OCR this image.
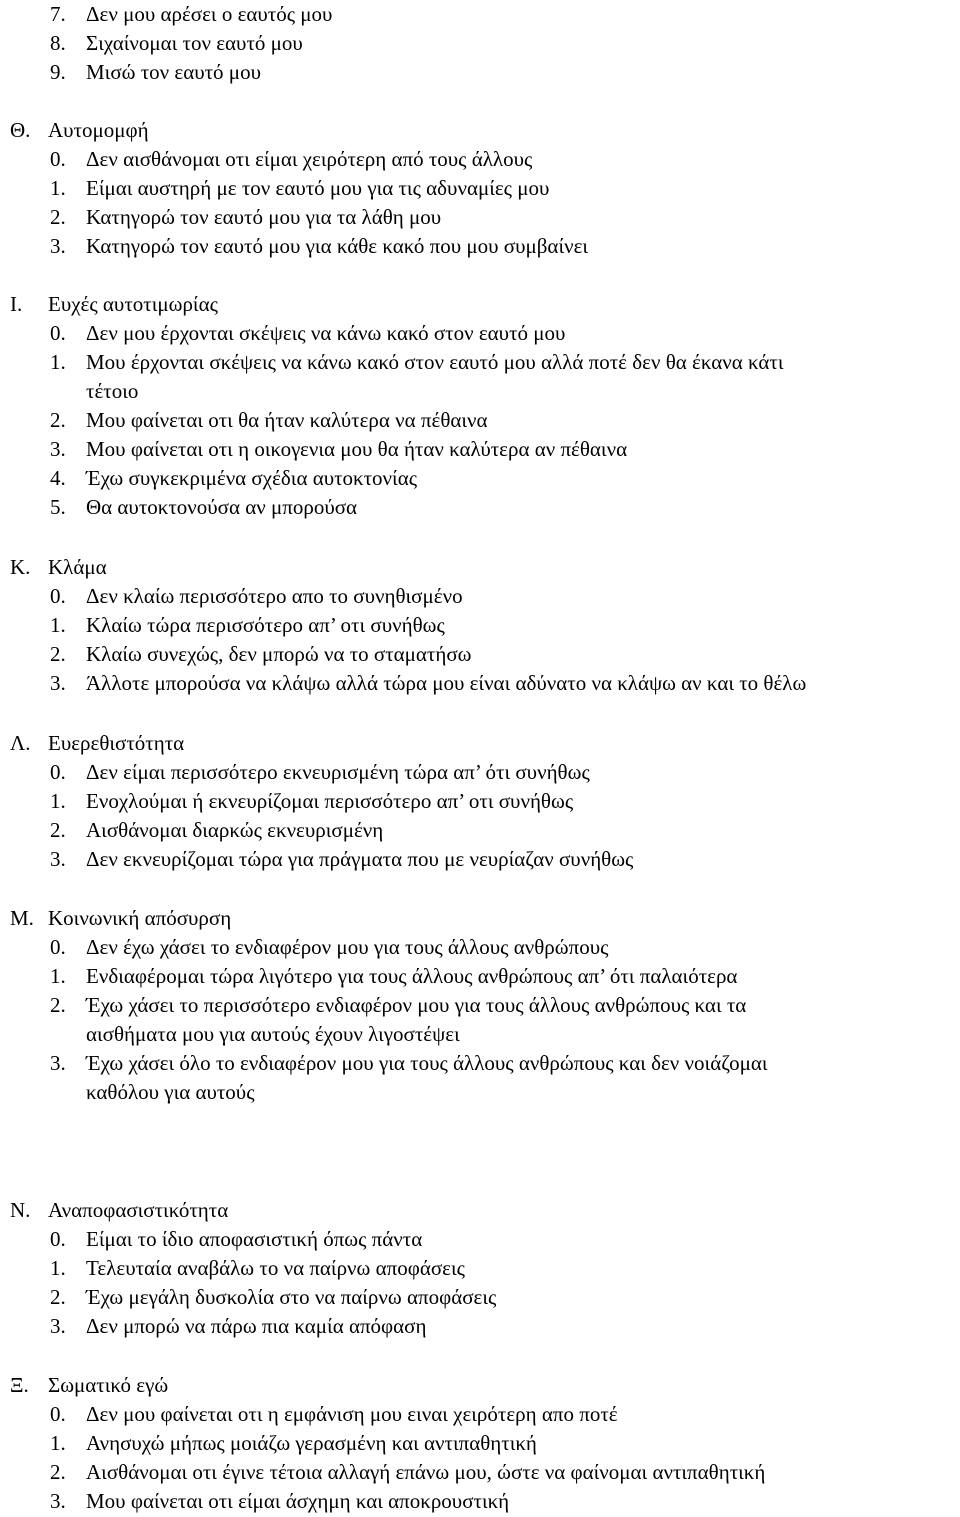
7. Δεν μου αρέσει ο εαυτός μου
8. Σιχαίνομαι τον εαυτό μου
9. Μισώ τον εαυτό μου
Θ. Αυτομομφή
0. Δεν αισθάνομαι οτι είμαι χειρότερη από τους άλλους
1. Είμαι αυστηρή με τον εαυτό μου για τις αδυναμίες μου
2. Κατηγορώ τον εαυτό μου για τα λάθη μου
3. Κατηγορώ τον εαυτό μου για κάθε κακό που μου συμβαίνει
Ι. Ευχές αυτοτιμωρίας
0. Δεν μου έρχονται σκέψεις να κάνω κακό στον εαυτό μου
1. Μου έρχονται σκέψεις να κάνω κακό στον εαυτό μου αλλά ποτέ δεν θα έκανα κάτι
τέτοιο
2. Μου φαίνεται οτι θα ήταν καλύτερα να πέθαινα
3. Μου φαίνεται οτι η οικογενια μου θα ήταν καλύτερα αν πέθαινα
4. Έχω συγκεκριμένα σχέδια αυτοκτονίας
5. Θα αυτοκτονούσα αν μπορούσα
Κ. Κλάμα
0. Δεν κλαίω περισσότερο απο το συνηθισμένο
1. Κλαίω τώρα περισσότερο απ’ οτι συνήθως
2. Κλαίω συνεχώς, δεν μπορώ να το σταματήσω
3. Άλλοτε μπορούσα να κλάψω αλλά τώρα μου είναι αδύνατο να κλάψω αν και το θέλω
Λ. Ευερεθιστότητα
0. Δεν είμαι περισσότερο εκνευρισμένη τώρα απ’ ότι συνήθως
1. Ενοχλούμαι ή εκνευρίζομαι περισσότερο απ’ οτι συνήθως
2. Αισθάνομαι διαρκώς εκνευρισμένη
3. Δεν εκνευρίζομαι τώρα για πράγματα που με νευρίαζαν συνήθως
Μ. Κοινωνική απόσυρση
0. Δεν έχω χάσει το ενδιαφέρον μου για τους άλλους ανθρώπους
1. Ενδιαφέρομαι τώρα λιγότερο για τους άλλους ανθρώπους απ’ ότι παλαιότερα
2. Έχω χάσει το περισσότερο ενδιαφέρον μου για τους άλλους ανθρώπους και τα
αισθήματα μου για αυτούς έχουν λιγοστέψει
3. Έχω χάσει όλο το ενδιαφέρον μου για τους άλλους ανθρώπους και δεν νοιάζομαι
καθόλου για αυτούς
Ν. Αναποφασιστικότητα
0. Είμαι το ίδιο αποφασιστική όπως πάντα
1. Τελευταία αναβάλω το να παίρνω αποφάσεις
2. Έχω μεγάλη δυσκολία στο να παίρνω αποφάσεις
3. Δεν μπορώ να πάρω πια καμία απόφαση
Ξ. Σωματικό εγώ
0. Δεν μου φαίνεται οτι η εμφάνιση μου ειναι χειρότερη απο ποτέ
1. Ανησυχώ μήπως μοιάζω γερασμένη και αντιπαθητική
2. Αισθάνομαι οτι έγινε τέτοια αλλαγή επάνω μου, ώστε να φαίνομαι αντιπαθητική
3. Μου φαίνεται οτι είμαι άσχημη και αποκρουστική
